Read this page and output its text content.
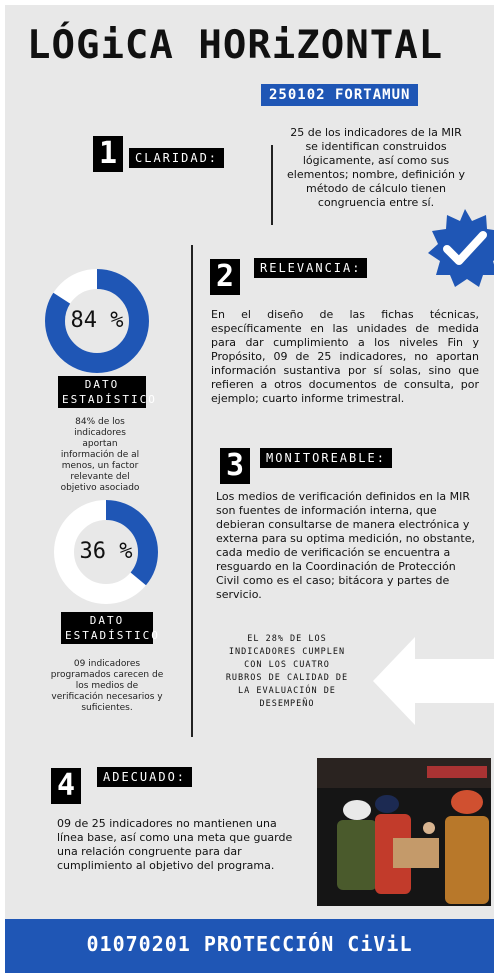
LÓGiCA HORiZONTAL
250102 FORTAMUN
1	CLARIDAD:
25 de los indicadores de la MIR se identifican construidos lógicamente, así como sus elementos; nombre, definición y método de cálculo tienen congruencia entre sí.
2	RELEVANCIA:
En el diseño de las fichas técnicas, específicamente en las unidades de medida para dar cumplimiento a los niveles Fin y Propósito, 09 de 25 indicadores, no aportan información sustantiva por sí solas, sino que refieren a otros documentos de consulta, por ejemplo; cuarto informe trimestral.
84 %
DATO ESTADÍSTICO
84% de los indicadores aportan información de al menos, un factor relevante del objetivo asociado
3	MONITOREABLE:
Los medios de verificación definidos en la MIR son fuentes de información interna, que debieran consultarse de manera electrónica y externa para su optima medición, no obstante, cada medio de verificación se encuentra a resguardo en la Coordinación de Protección Civil como es el caso; bitácora y partes de servicio.
36 %
DATO ESTADÍSTICO
09 indicadores programados carecen de los medios de verificación necesarios y suficientes.
EL 28% DE LOS INDICADORES CUMPLEN CON LOS CUATRO RUBROS DE CALIDAD DE LA EVALUACIÓN DE DESEMPEÑO
4	ADECUADO:
09 de 25 indicadores no mantienen una línea base, así como una meta que guarde una relación congruente para dar cumplimiento al objetivo del programa.
01070201 PROTECCIÓN CiViL
